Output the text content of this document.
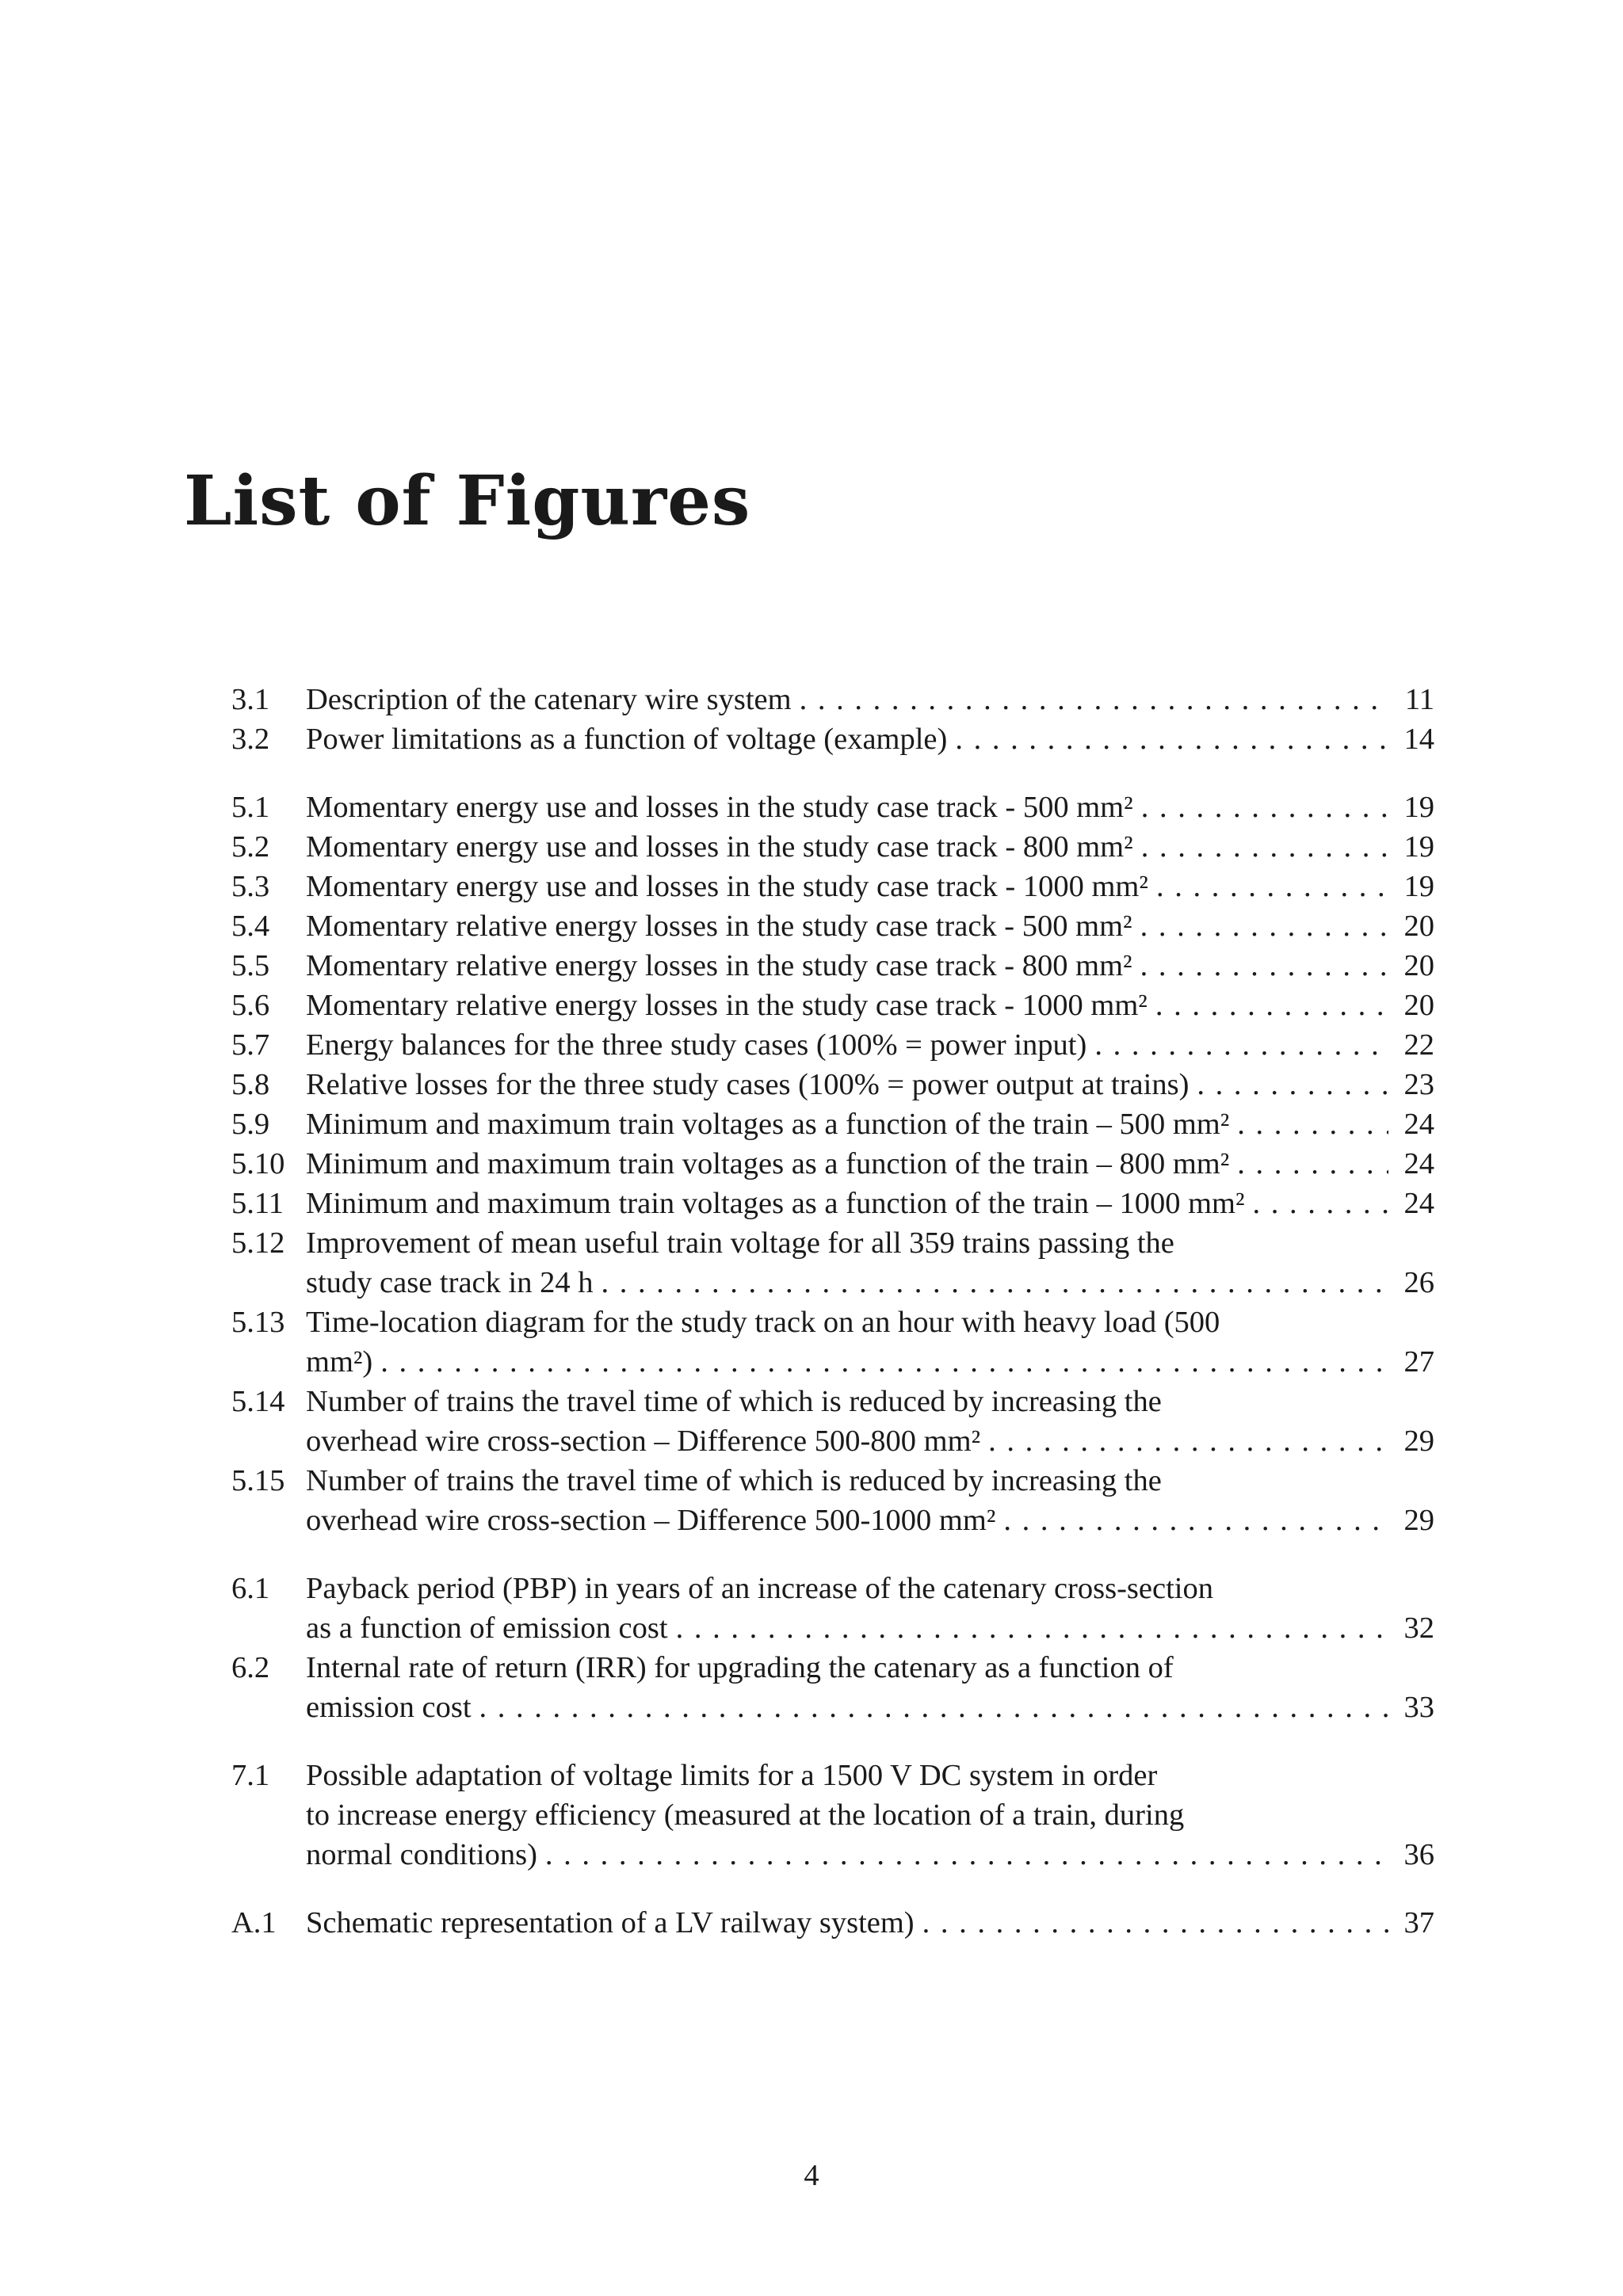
List of Figures
3.1	Description of the catenary wire system . . .	11
3.2	Power limitations as a function of voltage (example) . . .	14
5.1	Momentary energy use and losses in the study case track - 500 mm² . . .	19
5.2	Momentary energy use and losses in the study case track - 800 mm² . . .	19
5.3	Momentary energy use and losses in the study case track - 1000 mm² . . .	19
5.4	Momentary relative energy losses in the study case track - 500 mm² . . .	20
5.5	Momentary relative energy losses in the study case track - 800 mm² . . .	20
5.6	Momentary relative energy losses in the study case track - 1000 mm² . . .	20
5.7	Energy balances for the three study cases (100% = power input) . . .	22
5.8	Relative losses for the three study cases (100% = power output at trains) . . .	23
5.9	Minimum and maximum train voltages as a function of the train – 500 mm² . . .	24
5.10 Minimum and maximum train voltages as a function of the train – 800 mm² . . .	24
5.11 Minimum and maximum train voltages as a function of the train – 1000 mm² . . .	24
5.12 Improvement of mean useful train voltage for all 359 trains passing the
study case track in 24 h . . .	26
5.13 Time-location diagram for the study track on an hour with heavy load (500
mm²) . . .	27
5.14 Number of trains the travel time of which is reduced by increasing the
overhead wire cross-section – Difference 500-800 mm² . . .	29
5.15 Number of trains the travel time of which is reduced by increasing the
overhead wire cross-section – Difference 500-1000 mm² . . .	29
6.1	Payback period (PBP) in years of an increase of the catenary cross-section
as a function of emission cost . . .	32
6.2	Internal rate of return (IRR) for upgrading the catenary as a function of
emission cost . . .	33
7.1	Possible adaptation of voltage limits for a 1500 V DC system in order
to increase energy efficiency (measured at the location of a train, during
normal conditions) . . .	36
A.1 Schematic representation of a LV railway system) . . .	37
4
